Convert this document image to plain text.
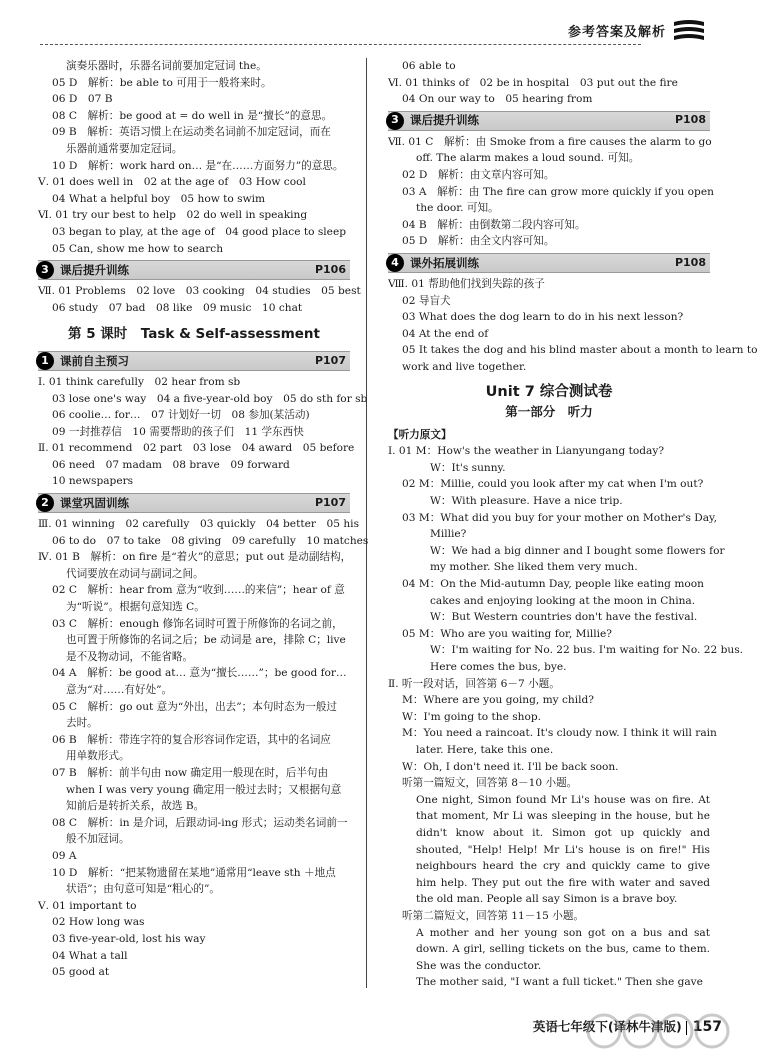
参考答案及解析
演奏乐器时，乐器名词前要加定冠词 the。
05 D　解析：be able to 可用于一般将来时。
06 D　07 B
08 C　解析：be good at = do well in 是“擅长”的意思。
09 B　解析：英语习惯上在运动类名词前不加定冠词，而在
乐器前通常要加定冠词。
10 D　解析：work hard on… 是“在……方面努力”的意思。
Ⅴ. 01 does well in　02 at the age of　03 How cool
04 What a helpful boy　05 how to swim
Ⅵ. 01 try our best to help　02 do well in speaking
03 began to play, at the age of　04 good place to sleep
05 Can, show me how to search
3 课后提升训练	P106
Ⅶ. 01 Problems　02 love　03 cooking　04 studies　05 best
06 study　07 bad　08 like　09 music　10 chat
第 5 课时　Task & Self-assessment
1 课前自主预习	P107
Ⅰ. 01 think carefully　02 hear from sb
03 lose one's way　04 a five-year-old boy　05 do sth for sb
06 coolie… for…　07 计划好一切　08 参加(某活动)
09 一封推荐信　10 需要帮助的孩子们　11 学东西快
Ⅱ. 01 recommend　02 part　03 lose　04 award　05 before
06 need　07 madam　08 brave　09 forward
10 newspapers
2 课堂巩固训练	P107
Ⅲ. 01 winning　02 carefully　03 quickly　04 better　05 his
06 to do　07 to take　08 giving　09 carefully　10 matches
Ⅳ. 01 B　解析：on fire 是“着火”的意思；put out 是动副结构，
代词要放在动词与副词之间。
02 C　解析：hear from 意为“收到……的来信”；hear of 意
为“听说”。根据句意知选 C。
03 C　解析：enough 修饰名词时可置于所修饰的名词之前，
也可置于所修饰的名词之后；be 动词是 are，排除 C；live
是不及物动词，不能省略。
04 A　解析：be good at… 意为“擅长……”；be good for…
意为“对……有好处”。
05 C　解析：go out 意为“外出，出去”；本句时态为一般过
去时。
06 B　解析：带连字符的复合形容词作定语，其中的名词应
用单数形式。
07 B　解析：前半句由 now 确定用一般现在时，后半句由
when I was very young 确定用一般过去时；又根据句意
知前后是转折关系，故选 B。
08 C　解析：in 是介词，后跟动词-ing 形式；运动类名词前一
般不加冠词。
09 A
10 D　解析：“把某物遗留在某地”通常用“leave sth ＋地点
状语”；由句意可知是“粗心的”。
Ⅴ. 01 important to
02 How long was
03 five-year-old, lost his way
04 What a tall
05 good at
06 able to
Ⅵ. 01 thinks of　02 be in hospital　03 put out the fire
04 On our way to　05 hearing from
3 课后提升训练	P108
Ⅶ. 01 C　解析：由 Smoke from a fire causes the alarm to go
off. The alarm makes a loud sound. 可知。
02 D　解析：由文章内容可知。
03 A　解析：由 The fire can grow more quickly if you open
the door. 可知。
04 B　解析：由倒数第二段内容可知。
05 D　解析：由全文内容可知。
4 课外拓展训练	P108
Ⅷ. 01 帮助他们找到失踪的孩子
02 导盲犬
03 What does the dog learn to do in his next lesson?
04 At the end of
05 It takes the dog and his blind master about a month to learn to
work and live together.
Unit 7 综合测试卷
第一部分　听力
【听力原文】
Ⅰ. 01 M：How's the weather in Lianyungang today?
W：It's sunny.
02 M：Millie, could you look after my cat when I'm out?
W：With pleasure. Have a nice trip.
03 M：What did you buy for your mother on Mother's Day,
Millie?
W：We had a big dinner and I bought some flowers for
my mother. She liked them very much.
04 M：On the Mid-autumn Day, people like eating moon
cakes and enjoying looking at the moon in China.
W：But Western countries don't have the festival.
05 M：Who are you waiting for, Millie?
W：I'm waiting for No. 22 bus. I'm waiting for No. 22 bus.
Here comes the bus, bye.
Ⅱ. 听一段对话，回答第 6－7 小题。
M：Where are you going, my child?
W：I'm going to the shop.
M：You need a raincoat. It's cloudy now. I think it will rain
later. Here, take this one.
W：Oh, I don't need it. I'll be back soon.
听第一篇短文，回答第 8－10 小题。
One night, Simon found Mr Li's house was on fire. At that moment, Mr Li was sleeping in the house, but he didn't know about it. Simon got up quickly and shouted, "Help! Help! Mr Li's house is on fire!" His neighbours heard the cry and quickly came to give him help. They put out the fire with water and saved the old man. People all say Simon is a brave boy.
听第二篇短文，回答第 11－15 小题。
A mother and her young son got on a bus and sat down. A girl, selling tickets on the bus, came to them. She was the conductor.
The mother said, "I want a full ticket." Then she gave
英语七年级下(译林牛津版) 157
